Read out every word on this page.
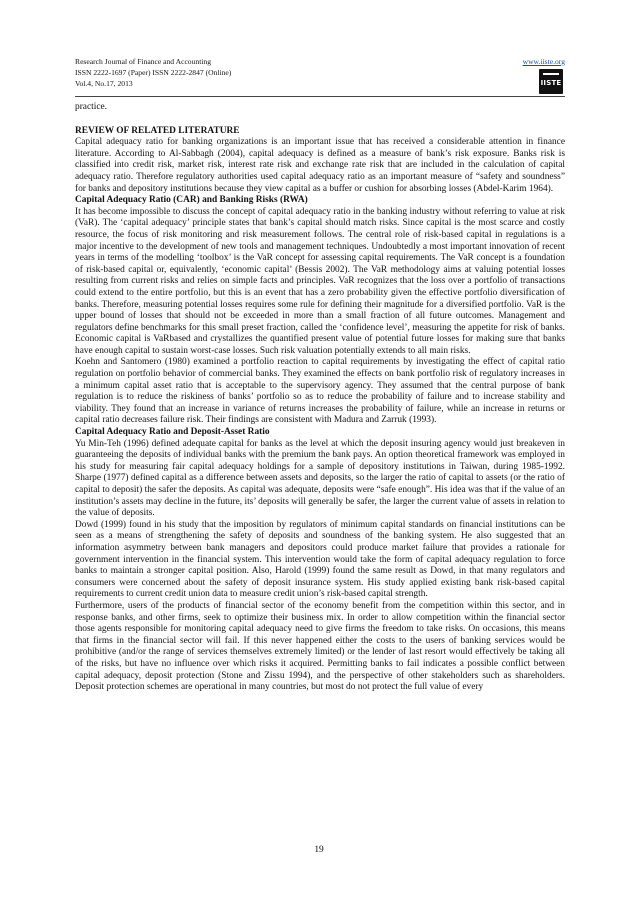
Research Journal of Finance and Accounting
ISSN 2222-1697 (Paper) ISSN 2222-2847 (Online)
Vol.4, No.17, 2013
www.iiste.org
IISTE

practice.

REVIEW OF RELATED LITERATURE

Capital adequacy ratio for banking organizations is an important issue that has received a considerable attention in finance literature. According to Al-Sabbagh (2004), capital adequacy is defined as a measure of bank’s risk exposure. Banks risk is classified into credit risk, market risk, interest rate risk and exchange rate risk that are included in the calculation of capital adequacy ratio. Therefore regulatory authorities used capital adequacy ratio as an important measure of “safety and soundness” for banks and depository institutions because they view capital as a buffer or cushion for absorbing losses (Abdel-Karim 1964).

Capital Adequacy Ratio (CAR) and Banking Risks (RWA)

It has become impossible to discuss the concept of capital adequacy ratio in the banking industry without referring to value at risk (VaR). The ‘capital adequacy’ principle states that bank’s capital should match risks. Since capital is the most scarce and costly resource, the focus of risk monitoring and risk measurement follows. The central role of risk-based capital in regulations is a major incentive to the development of new tools and management techniques. Undoubtedly a most important innovation of recent years in terms of the modelling ‘toolbox’ is the VaR concept for assessing capital requirements. The VaR concept is a foundation of risk-based capital or, equivalently, ‘economic capital’ (Bessis 2002). The VaR methodology aims at valuing potential losses resulting from current risks and relies on simple facts and principles. VaR recognizes that the loss over a portfolio of transactions could extend to the entire portfolio, but this is an event that has a zero probability given the effective portfolio diversification of banks. Therefore, measuring potential losses requires some rule for defining their magnitude for a diversified portfolio. VaR is the upper bound of losses that should not be exceeded in more than a small fraction of all future outcomes. Management and regulators define benchmarks for this small preset fraction, called the ‘confidence level’, measuring the appetite for risk of banks. Economic capital is VaRbased and crystallizes the quantified present value of potential future losses for making sure that banks have enough capital to sustain worst-case losses. Such risk valuation potentially extends to all main risks.

Koehn and Santomero (1980) examined a portfolio reaction to capital requirements by investigating the effect of capital ratio regulation on portfolio behavior of commercial banks. They examined the effects on bank portfolio risk of regulatory increases in a minimum capital asset ratio that is acceptable to the supervisory agency. They assumed that the central purpose of bank regulation is to reduce the riskiness of banks’ portfolio so as to reduce the probability of failure and to increase stability and viability. They found that an increase in variance of returns increases the probability of failure, while an increase in returns or capital ratio decreases failure risk. Their findings are consistent with Madura and Zarruk (1993).

Capital Adequacy Ratio and Deposit-Asset Ratio

Yu Min-Teh (1996) defined adequate capital for banks as the level at which the deposit insuring agency would just breakeven in guaranteeing the deposits of individual banks with the premium the bank pays. An option theoretical framework was employed in his study for measuring fair capital adequacy holdings for a sample of depository institutions in Taiwan, during 1985-1992. Sharpe (1977) defined capital as a difference between assets and deposits, so the larger the ratio of capital to assets (or the ratio of capital to deposit) the safer the deposits. As capital was adequate, deposits were “safe enough”. His idea was that if the value of an institution’s assets may decline in the future, its’ deposits will generally be safer, the larger the current value of assets in relation to the value of deposits.

Dowd (1999) found in his study that the imposition by regulators of minimum capital standards on financial institutions can be seen as a means of strengthening the safety of deposits and soundness of the banking system. He also suggested that an information asymmetry between bank managers and depositors could produce market failure that provides a rationale for government intervention in the financial system. This intervention would take the form of capital adequacy regulation to force banks to maintain a stronger capital position. Also, Harold (1999) found the same result as Dowd, in that many regulators and consumers were concerned about the safety of deposit insurance system. His study applied existing bank risk-based capital requirements to current credit union data to measure credit union’s risk-based capital strength.

Furthermore, users of the products of financial sector of the economy benefit from the competition within this sector, and in response banks, and other firms, seek to optimize their business mix. In order to allow competition within the financial sector those agents responsible for monitoring capital adequacy need to give firms the freedom to take risks. On occasions, this means that firms in the financial sector will fail. If this never happened either the costs to the users of banking services would be prohibitive (and/or the range of services themselves extremely limited) or the lender of last resort would effectively be taking all of the risks, but have no influence over which risks it acquired. Permitting banks to fail indicates a possible conflict between capital adequacy, deposit protection (Stone and Zissu 1994), and the perspective of other stakeholders such as shareholders. Deposit protection schemes are operational in many countries, but most do not protect the full value of every

19
